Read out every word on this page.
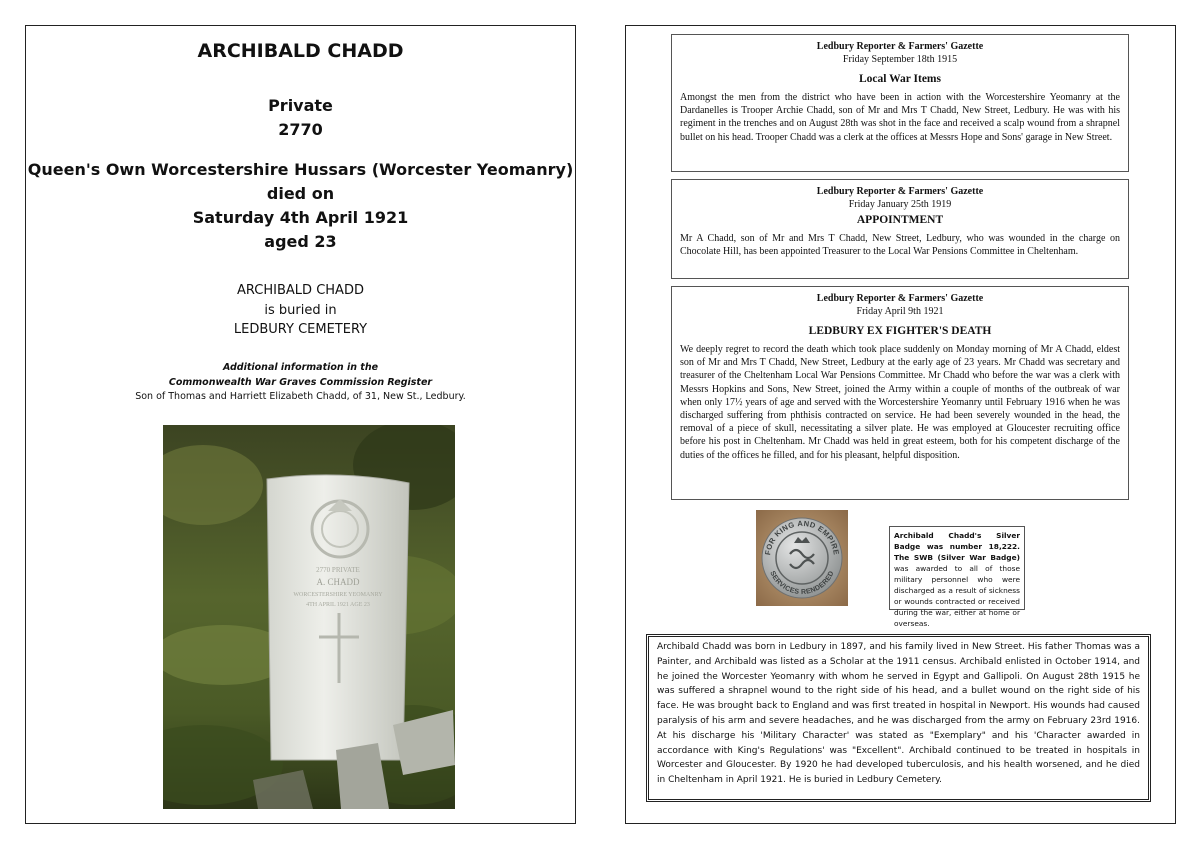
ARCHIBALD CHADD
Private
2770
Queen's Own Worcestershire Hussars (Worcester Yeomanry)
died on
Saturday 4th April 1921
aged 23
ARCHIBALD CHADD
is buried in
LEDBURY CEMETERY
Additional information in the
Commonwealth War Graves Commission Register
Son of Thomas and Harriett Elizabeth Chadd, of 31, New St., Ledbury.
2770 PRIVATE
A. CHADD
WORCESTERSHIRE YEOMANRY
4TH APRIL 1921 AGE 23
Ledbury Reporter & Farmers' Gazette
Friday September 18th 1915
Local War Items
Amongst the men from the district who have been in action with the Worcestershire Yeomanry at the Dardanelles is Trooper Archie Chadd, son of Mr and Mrs T Chadd, New Street, Ledbury. He was with his regiment in the trenches and on August 28th was shot in the face and received a scalp wound from a shrapnel bullet on his head. Trooper Chadd was a clerk at the offices at Messrs Hope and Sons' garage in New Street.
Ledbury Reporter & Farmers' Gazette
Friday January 25th 1919
APPOINTMENT
Mr A Chadd, son of Mr and Mrs T Chadd, New Street, Ledbury, who was wounded in the charge on Chocolate Hill, has been appointed Treasurer to the Local War Pensions Committee in Cheltenham.
Ledbury Reporter & Farmers' Gazette
Friday April 9th 1921
LEDBURY EX FIGHTER'S DEATH
We deeply regret to record the death which took place suddenly on Monday morning of Mr A Chadd, eldest son of Mr and Mrs T Chadd, New Street, Ledbury at the early age of 23 years. Mr Chadd was secretary and treasurer of the Cheltenham Local War Pensions Committee. Mr Chadd who before the war was a clerk with Messrs Hopkins and Sons, New Street, joined the Army within a couple of months of the outbreak of war when only 17½ years of age and served with the Worcestershire Yeomanry until February 1916 when he was discharged suffering from phthisis contracted on service. He had been severely wounded in the head, the removal of a piece of skull, necessitating a silver plate. He was employed at Gloucester recruiting office before his post in Cheltenham. Mr Chadd was held in great esteem, both for his competent discharge of the duties of the offices he filled, and for his pleasant, helpful disposition.
FOR KING AND EMPIRE
SERVICES RENDERED
Archibald Chadd's Silver Badge was number 18,222. The SWB (Silver War Badge) was awarded to all of those military personnel who were discharged as a result of sickness or wounds contracted or received during the war, either at home or overseas.
Archibald Chadd was born in Ledbury in 1897, and his family lived in New Street. His father Thomas was a Painter, and Archibald was listed as a Scholar at the 1911 census. Archibald enlisted in October 1914, and he joined the Worcester Yeomanry with whom he served in Egypt and Gallipoli. On August 28th 1915 he was suffered a shrapnel wound to the right side of his head, and a bullet wound on the right side of his face. He was brought back to England and was first treated in hospital in Newport. His wounds had caused paralysis of his arm and severe headaches, and he was discharged from the army on February 23rd 1916. At his discharge his 'Military Character' was stated as "Exemplary" and his 'Character awarded in accordance with King's Regulations' was "Excellent". Archibald continued to be treated in hospitals in Worcester and Gloucester. By 1920 he had developed tuberculosis, and his health worsened, and he died in Cheltenham in April 1921. He is buried in Ledbury Cemetery.
